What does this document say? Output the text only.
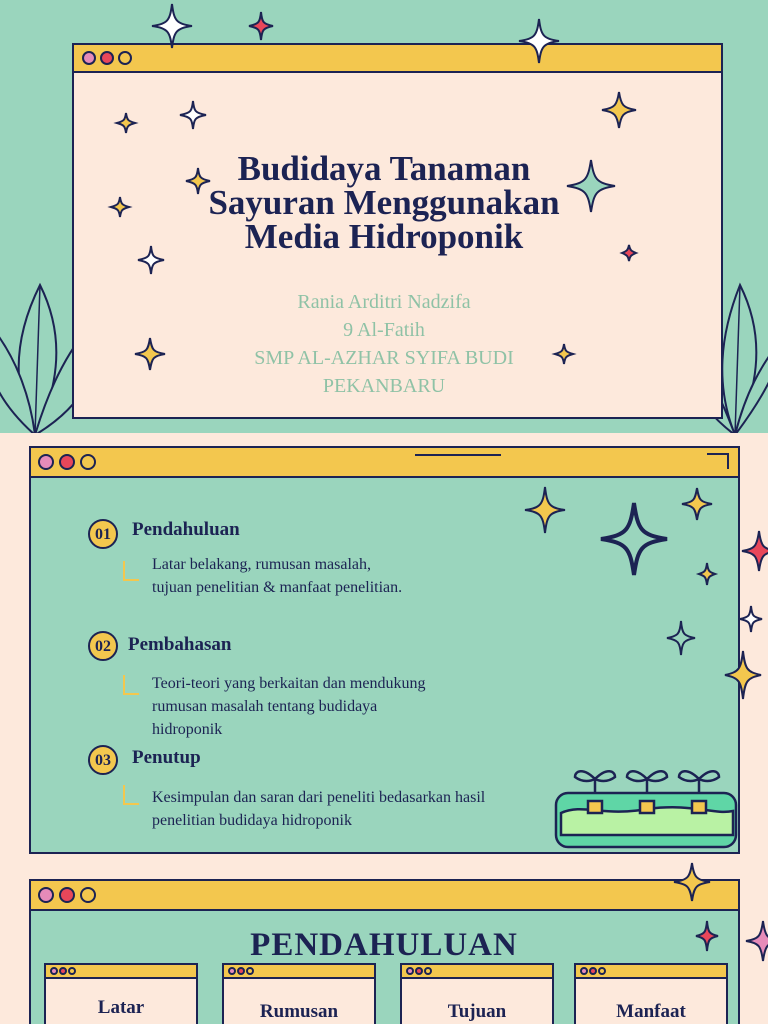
Budidaya Tanaman
Sayuran Menggunakan
Media Hidroponik
Rania Arditri Nadzifa
9 Al-Fatih
SMP AL-AZHAR SYIFA BUDI
PEKANBARU
01	Pendahuluan
Latar belakang, rumusan masalah,
tujuan penelitian & manfaat penelitian.
02 Pembahasan
Teori-teori yang berkaitan dan mendukung
rumusan masalah tentang budidaya
hidroponik
03	Penutup
Kesimpulan dan saran dari peneliti bedasarkan hasil
penelitian budidaya hidroponik
PENDAHULUAN
Latar	Rumusan	Tujuan	Manfaat
